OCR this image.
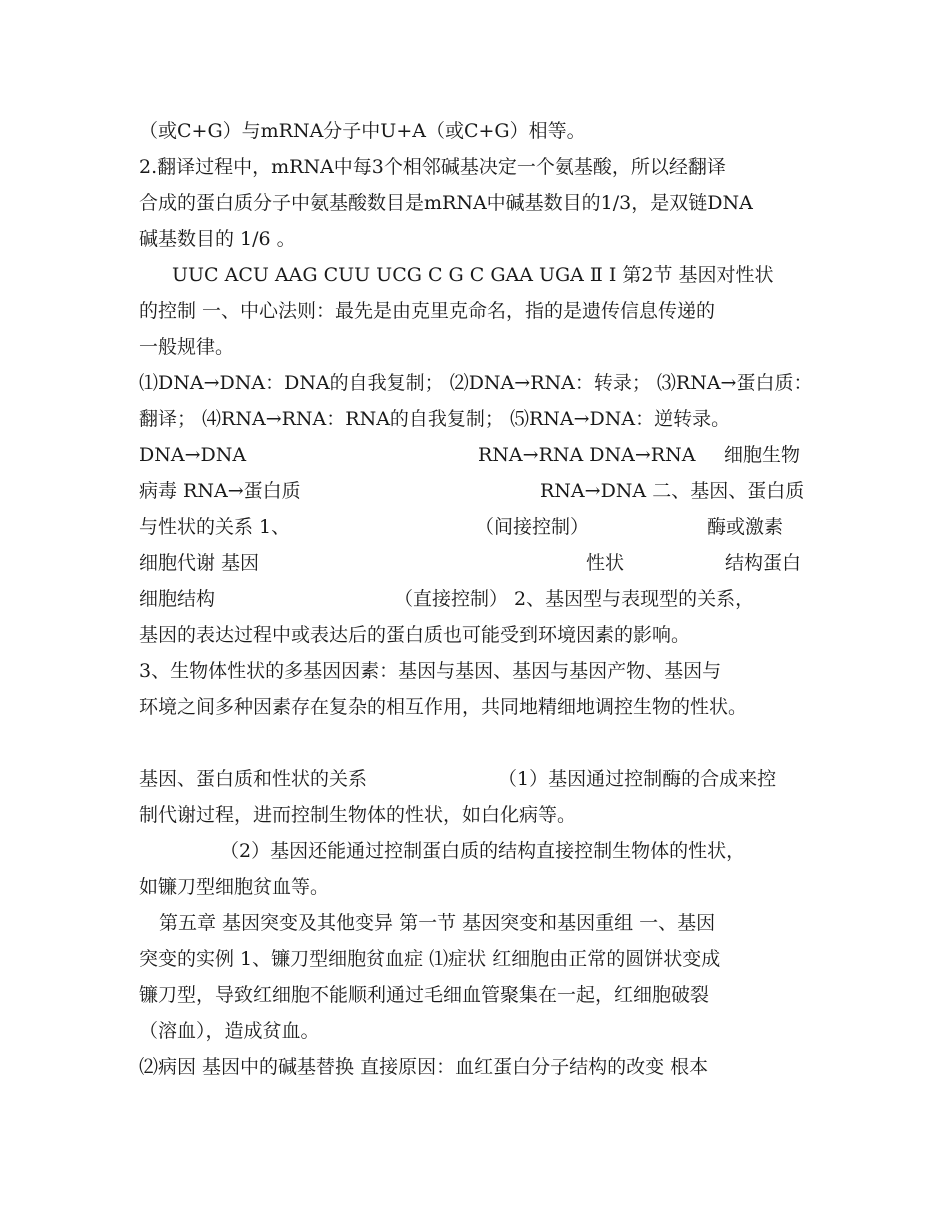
（或C+G）与mRNA分子中U+A（或C+G）相等。
2.翻译过程中，mRNA中每3个相邻碱基决定一个氨基酸，所以经翻译
合成的蛋白质分子中氨基酸数目是mRNA中碱基数目的1/3，是双链DNA
碱基数目的 1/6 。
UUC ACU AAG CUU UCG C G C GAA UGA Ⅱ Ⅰ 第2节 基因对性状
的控制 一、中心法则：最先是由克里克命名，指的是遗传信息传递的
一般规律。
⑴DNA→DNA：DNA的自我复制； ⑵DNA→RNA：转录； ⑶RNA→蛋白质：
翻译； ⑷RNA→RNA：RNA的自我复制； ⑸RNA→DNA：逆转录。
DNA→DNA	RNA→RNA DNA→RNA 细胞生物
病毒 RNA→蛋白质	RNA→DNA 二、基因、蛋白质
与性状的关系 1、	（间接控制）	酶或激素
细胞代谢 基因	性状	结构蛋白
细胞结构	（直接控制） 2、基因型与表现型的关系，
基因的表达过程中或表达后的蛋白质也可能受到环境因素的影响。
3、生物体性状的多基因因素：基因与基因、基因与基因产物、基因与
环境之间多种因素存在复杂的相互作用，共同地精细地调控生物的性状。
基因、蛋白质和性状的关系	（1）基因通过控制酶的合成来控
制代谢过程，进而控制生物体的性状，如白化病等。
（2）基因还能通过控制蛋白质的结构直接控制生物体的性状，
如镰刀型细胞贫血等。
第五章 基因突变及其他变异 第一节 基因突变和基因重组 一、基因
突变的实例 1、镰刀型细胞贫血症 ⑴症状 红细胞由正常的圆饼状变成
镰刀型，导致红细胞不能顺利通过毛细血管聚集在一起，红细胞破裂
（溶血），造成贫血。
⑵病因 基因中的碱基替换 直接原因：血红蛋白分子结构的改变 根本
